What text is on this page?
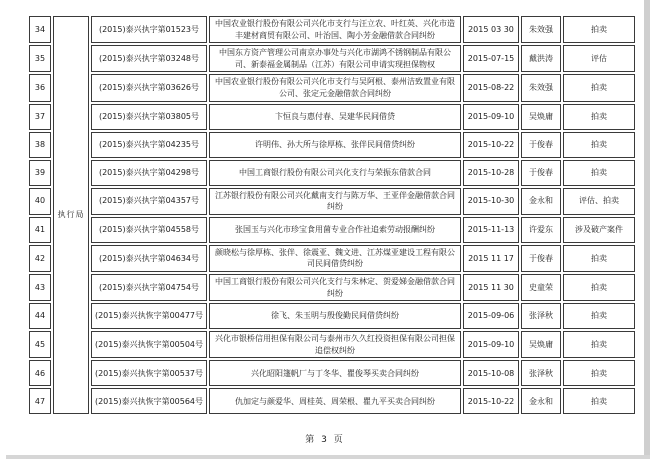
34	执行局	(2015)泰兴执字第01523号	中国农业银行股份有限公司兴化市支行与汪立农、叶红英、兴化市造丰建材商贸有限公司、叶治国、陶小芳金融借款合同纠纷	2015 03 30	朱效强	拍卖
35		(2015)泰兴执字第03248号	中国东方资产管理公司南京办事处与兴化市湖鸿不锈钢制品有限公司、新泰福金属制品（江苏）有限公司申请实现担保物权	2015-07-15	戴洪涛	评估
36		(2015)泰兴执字第03626号	中国农业银行股份有限公司兴化市支行与吴阿根、泰州洁致置业有限公司、张定元金融借款合同纠纷	2015-08-22	朱效强	拍卖
37		(2015)泰兴执字第03805号	卞恒良与惠付春、吴建华民间借贷	2015-09-10	吴焕庸	拍卖
38		(2015)泰兴执字第04235号	许明伟、孙大所与徐厚栋、张伴民间借贷纠纷	2015-10-22	于俊春	拍卖
39		(2015)泰兴执字第04298号	中国工商银行股份有限公司兴化支行与荣振东借款合同	2015-10-28	于俊春	拍卖
40		(2015)泰兴执字第04357号	江苏银行股份有限公司兴化戴南支行与陈万华、王亚伴金融借款合同纠纷	2015-10-30	金永和	评估、拍卖
41		(2015)泰兴执字第04558号	张国玉与兴化市珍宝食用菌专业合作社追索劳动报酬纠纷	2015-11-13	许爱东	涉及破产案件
42		(2015)泰兴执字第04634号	颜晓松与徐厚栋、张伴、徐震亚、魏文进、江苏煤亚建设工程有限公司民间借贷纠纷	2015 11 17	于俊春	拍卖
43		(2015)泰兴执字第04754号	中国工商银行股份有限公司兴化支行与朱林定、贺爱娣金融借款合同纠纷	2015 11 30	史童荣	拍卖
44		(2015)泰兴执恢字第00477号	徐飞、朱玉明与殷俊勤民间借贷纠纷	2015-09-06	张泽秋	拍卖
45		(2015)泰兴执恢字第00504号	兴化市银桥信用担保有限公司与泰州市久久红投资担保有限公司担保追偿权纠纷	2015-09-10	吴焕庸	拍卖
46		(2015)泰兴执恢字第00537号	兴化昭阳篷帆厂与丁冬华、瞿俊琴买卖合同纠纷	2015-10-08	张泽秋	拍卖
47		(2015)泰兴执恢字第00564号	仇加定与颜爱华、周桂英、周荣根、瞿九平买卖合同纠纷	2015-10-22	金永和	拍卖
第 3 页
